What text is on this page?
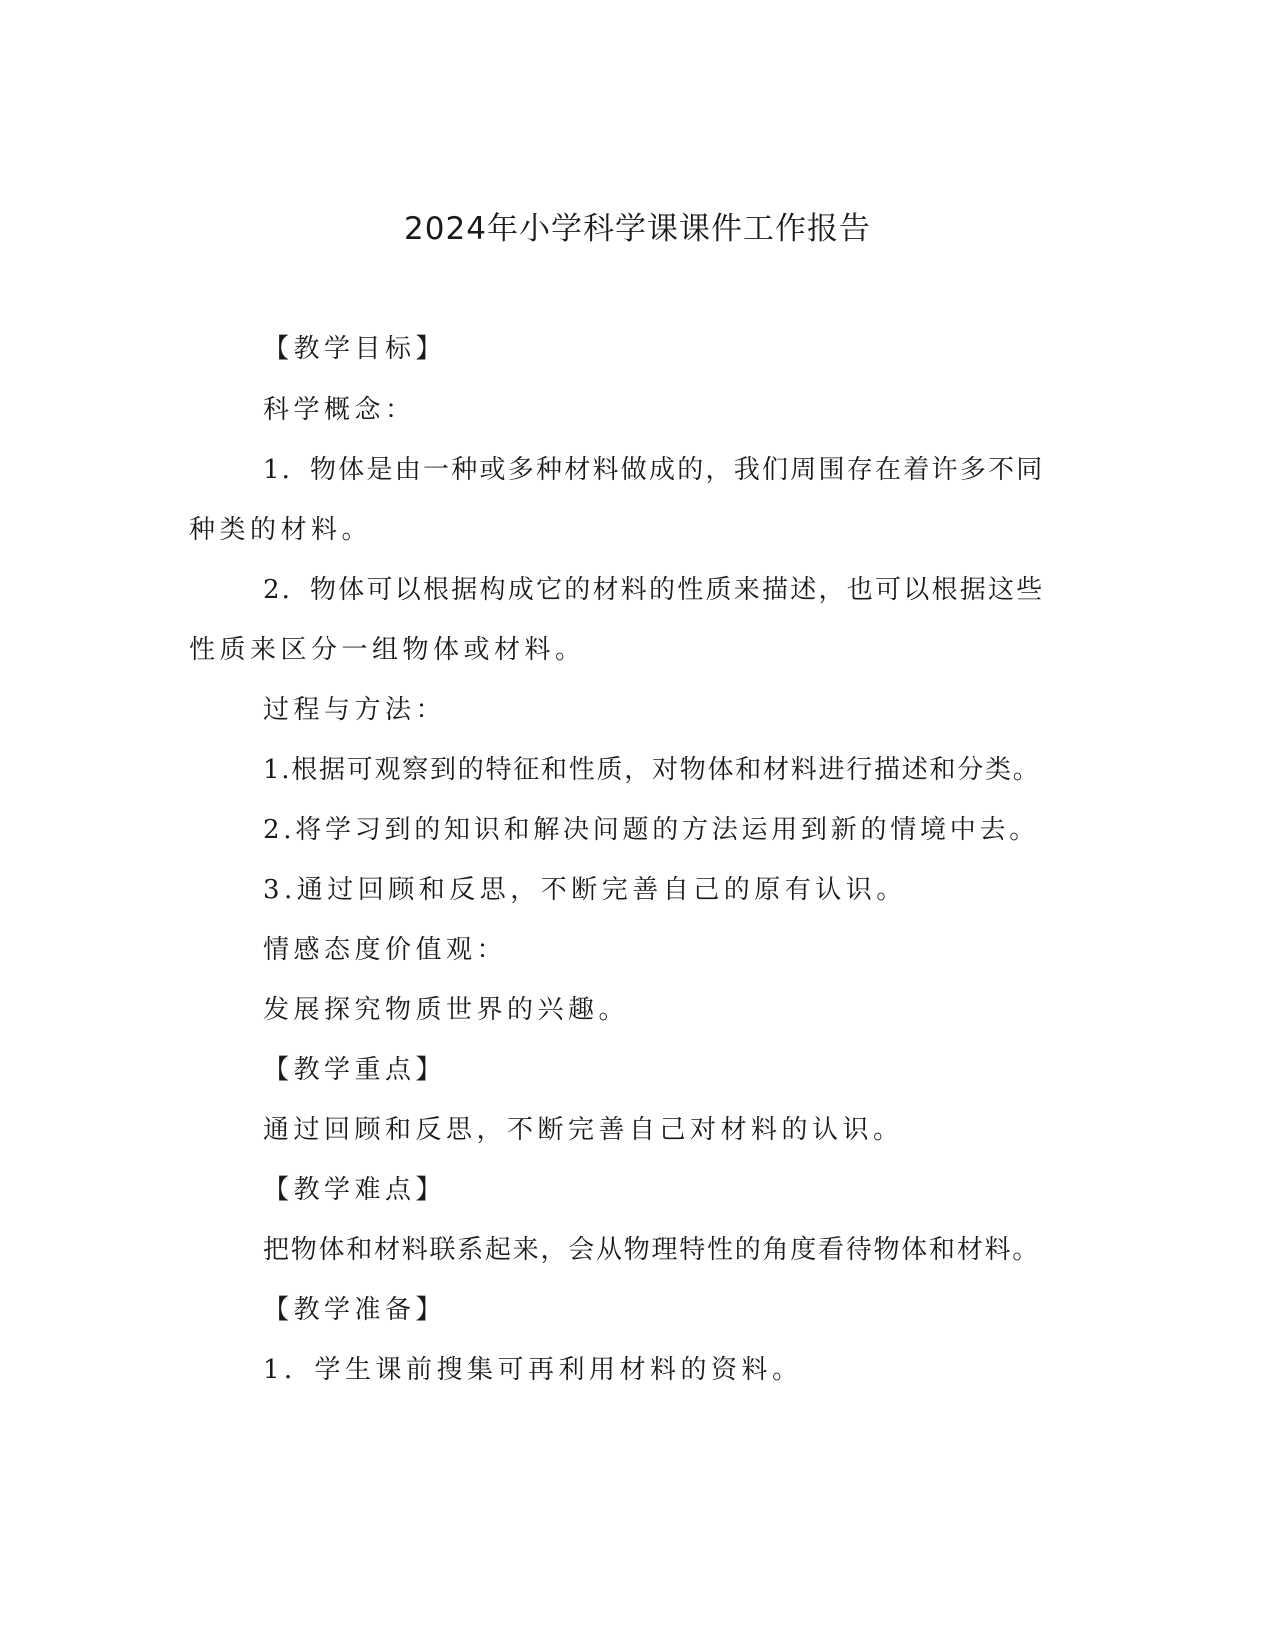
2024年小学科学课课件工作报告

【教学目标】

科学概念：

1．物体是由一种或多种材料做成的，我们周围存在着许多不同

种类的材料。

2．物体可以根据构成它的材料的性质来描述，也可以根据这些

性质来区分一组物体或材料。

过程与方法：

1.根据可观察到的特征和性质，对物体和材料进行描述和分类。

2.将学习到的知识和解决问题的方法运用到新的情境中去。

3.通过回顾和反思，不断完善自己的原有认识。

情感态度价值观：

发展探究物质世界的兴趣。

【教学重点】

通过回顾和反思，不断完善自己对材料的认识。

【教学难点】

把物体和材料联系起来，会从物理特性的角度看待物体和材料。

【教学准备】

1．学生课前搜集可再利用材料的资料。
